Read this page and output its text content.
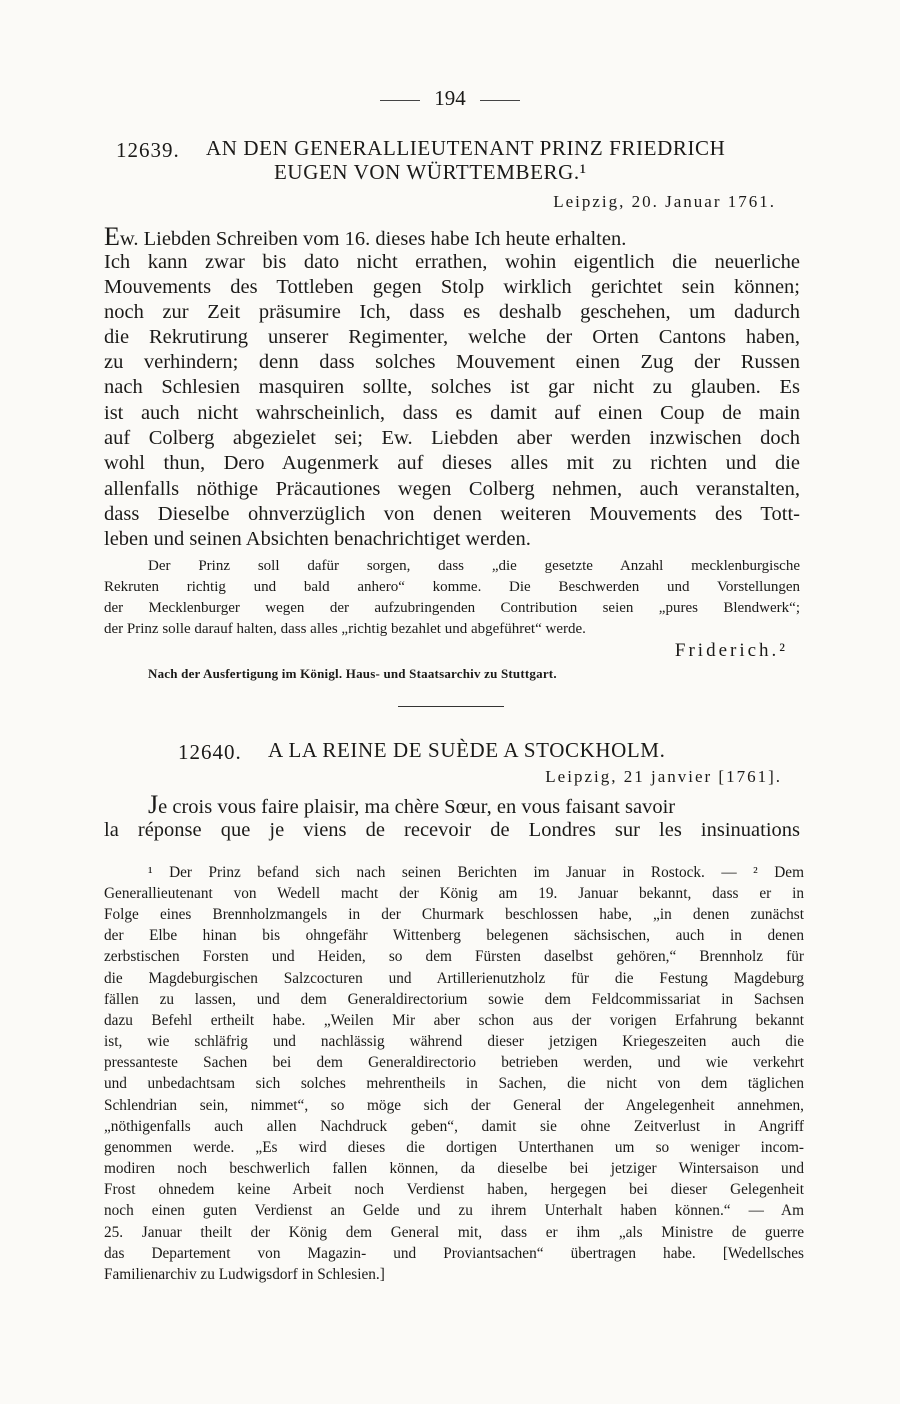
194
12639. AN DEN GENERALLIEUTENANT PRINZ FRIEDRICH
EUGEN VON WÜRTTEMBERG.¹
Leipzig, 20. Januar 1761.
Ew. Liebden Schreiben vom 16. dieses habe Ich heute erhalten.
Ich kann zwar bis dato nicht errathen, wohin eigentlich die neuerliche
Mouvements des Tottleben gegen Stolp wirklich gerichtet sein können;
noch zur Zeit präsumire Ich, dass es deshalb geschehen, um dadurch
die Rekrutirung unserer Regimenter, welche der Orten Cantons haben,
zu verhindern; denn dass solches Mouvement einen Zug der Russen
nach Schlesien masquiren sollte, solches ist gar nicht zu glauben. Es
ist auch nicht wahrscheinlich, dass es damit auf einen Coup de main
auf Colberg abgezielet sei; Ew. Liebden aber werden inzwischen doch
wohl thun, Dero Augenmerk auf dieses alles mit zu richten und die
allenfalls nöthige Präcautiones wegen Colberg nehmen, auch veranstalten,
dass Dieselbe ohnverzüglich von denen weiteren Mouvements des Tott-
leben und seinen Absichten benachrichtiget werden.
Der Prinz soll dafür sorgen, dass „die gesetzte Anzahl mecklenburgische
Rekruten richtig und bald anhero“ komme. Die Beschwerden und Vorstellungen
der Mecklenburger wegen der aufzubringenden Contribution seien „pures Blendwerk“;
der Prinz solle darauf halten, dass alles „richtig bezahlet und abgeführet“ werde.
Friderich.²
Nach der Ausfertigung im Königl. Haus- und Staatsarchiv zu Stuttgart.
12640. A LA REINE DE SUÈDE A STOCKHOLM.
Leipzig, 21 janvier [1761].
Je crois vous faire plaisir, ma chère Sœur, en vous faisant savoir
la réponse que je viens de recevoir de Londres sur les insinuations
¹ Der Prinz befand sich nach seinen Berichten im Januar in Rostock. — ² Dem
Generallieutenant von Wedell macht der König am 19. Januar bekannt, dass er in
Folge eines Brennholzmangels in der Churmark beschlossen habe, „in denen zunächst
der Elbe hinan bis ohngefähr Wittenberg belegenen sächsischen, auch in denen
zerbstischen Forsten und Heiden, so dem Fürsten daselbst gehören,“ Brennholz für
die Magdeburgischen Salzcocturen und Artillerienutzholz für die Festung Magdeburg
fällen zu lassen, und dem Generaldirectorium sowie dem Feldcommissariat in Sachsen
dazu Befehl ertheilt habe. „Weilen Mir aber schon aus der vorigen Erfahrung bekannt
ist, wie schläfrig und nachlässig während dieser jetzigen Kriegeszeiten auch die
pressanteste Sachen bei dem Generaldirectorio betrieben werden, und wie verkehrt
und unbedachtsam sich solches mehrentheils in Sachen, die nicht von dem täglichen
Schlendrian sein, nimmet“, so möge sich der General der Angelegenheit annehmen,
„nöthigenfalls auch allen Nachdruck geben“, damit sie ohne Zeitverlust in Angriff
genommen werde. „Es wird dieses die dortigen Unterthanen um so weniger incom-
modiren noch beschwerlich fallen können, da dieselbe bei jetziger Wintersaison und
Frost ohnedem keine Arbeit noch Verdienst haben, hergegen bei dieser Gelegenheit
noch einen guten Verdienst an Gelde und zu ihrem Unterhalt haben können.“ — Am
25. Januar theilt der König dem General mit, dass er ihm „als Ministre de guerre
das Departement von Magazin- und Proviantsachen“ übertragen habe. [Wedellsches
Familienarchiv zu Ludwigsdorf in Schlesien.]
